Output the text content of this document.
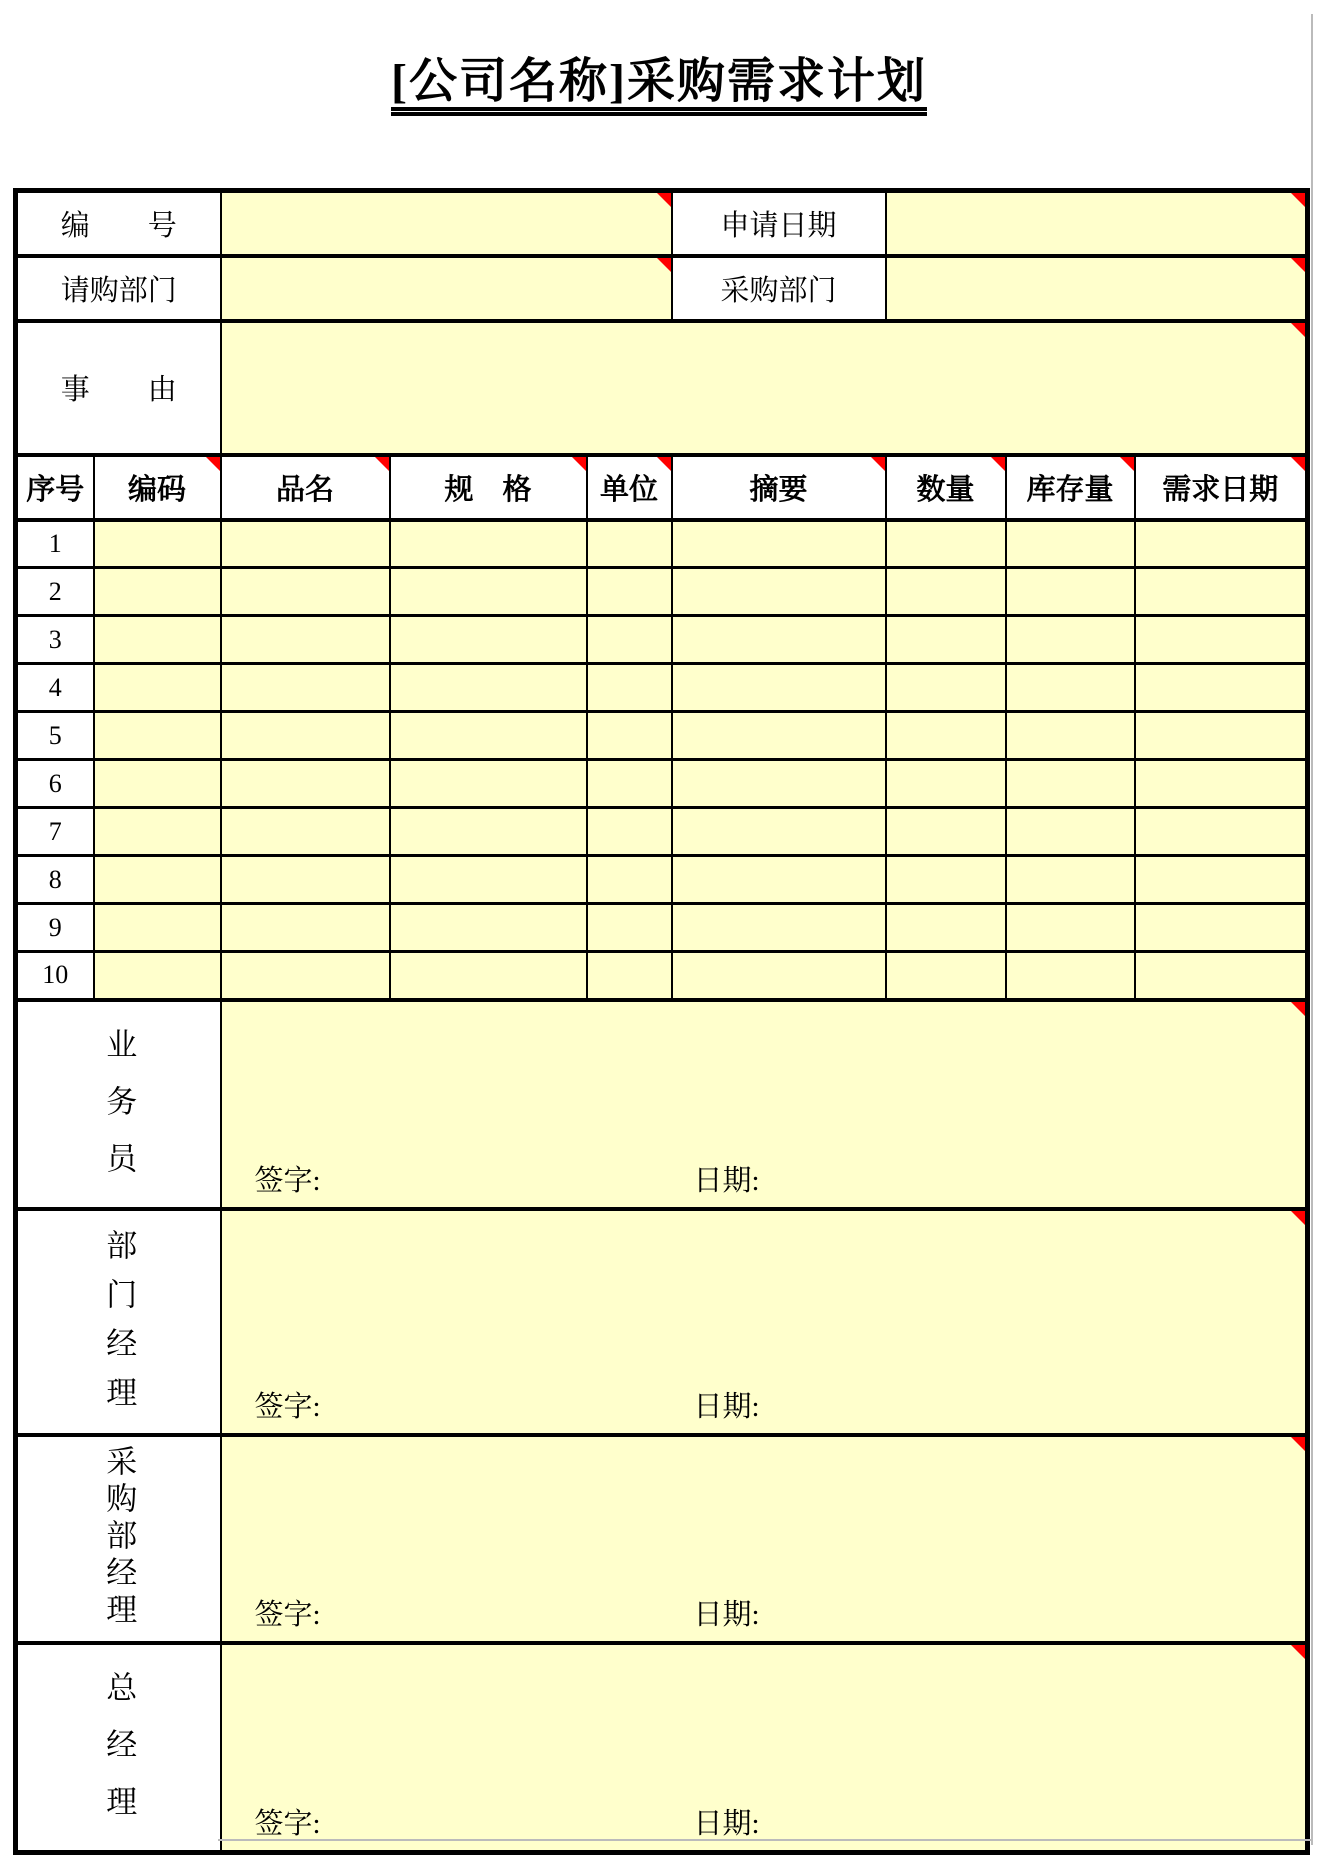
[公司名称]采购需求计划
编　　号					申请日期			

请购部门					采购部门			

事　　由								

序号	编码	品名	规　格	单位	摘要	数量	库存量	需求日期
1								
2								
3								
4								
5								
6								
7								
8								
9								
10								
业务员		签字: 日期:						

部门经理		签字: 日期:						

采购部经理		签字: 日期:						

总经理		签字: 日期:						
